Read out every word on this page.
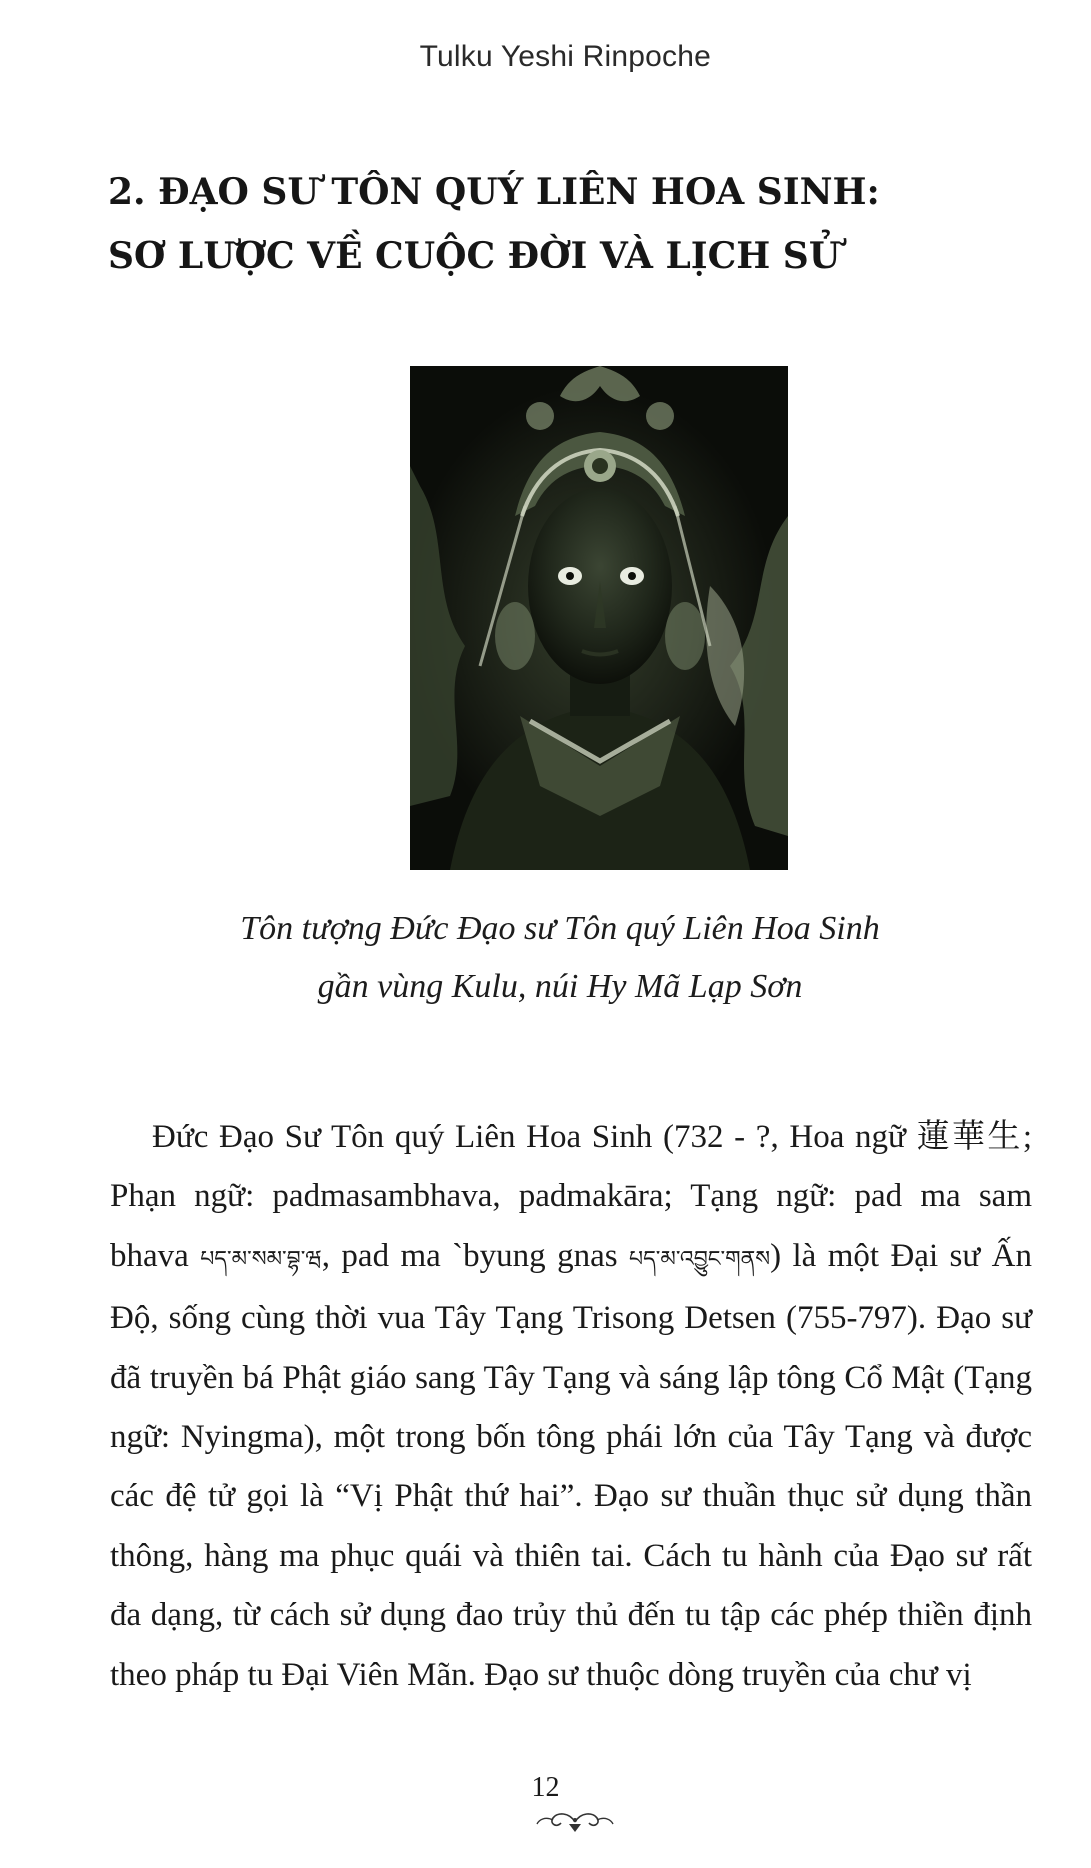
Tulku Yeshi Rinpoche
2. ĐẠO SƯ TÔN QUÝ LIÊN HOA SINH:
SƠ LƯỢC VỀ CUỘC ĐỜI VÀ LỊCH SỬ
Tôn tượng Đức Đạo sư Tôn quý Liên Hoa Sinh
gần vùng Kulu, núi Hy Mã Lạp Sơn

Đức Đạo Sư Tôn quý Liên Hoa Sinh (732 - ?, Hoa ngữ 蓮華生; Phạn ngữ: padmasambhava, padmakāra; Tạng ngữ: pad ma sam bhava པད་མ་སམ་བྷ་ཝ, pad ma `byung gnas པད་མ་འབྱུང་གནས) là một Đại sư Ấn Độ, sống cùng thời vua Tây Tạng Trisong Detsen (755-797). Đạo sư đã truyền bá Phật giáo sang Tây Tạng và sáng lập tông Cổ Mật (Tạng ngữ: Nyingma), một trong bốn tông phái lớn của Tây Tạng và được các đệ tử gọi là “Vị Phật thứ hai”. Đạo sư thuần thục sử dụng thần thông, hàng ma phục quái và thiên tai. Cách tu hành của Đạo sư rất đa dạng, từ cách sử dụng đao trủy thủ đến tu tập các phép thiền định theo pháp tu Đại Viên Mãn. Đạo sư thuộc dòng truyền của chư vị

12
